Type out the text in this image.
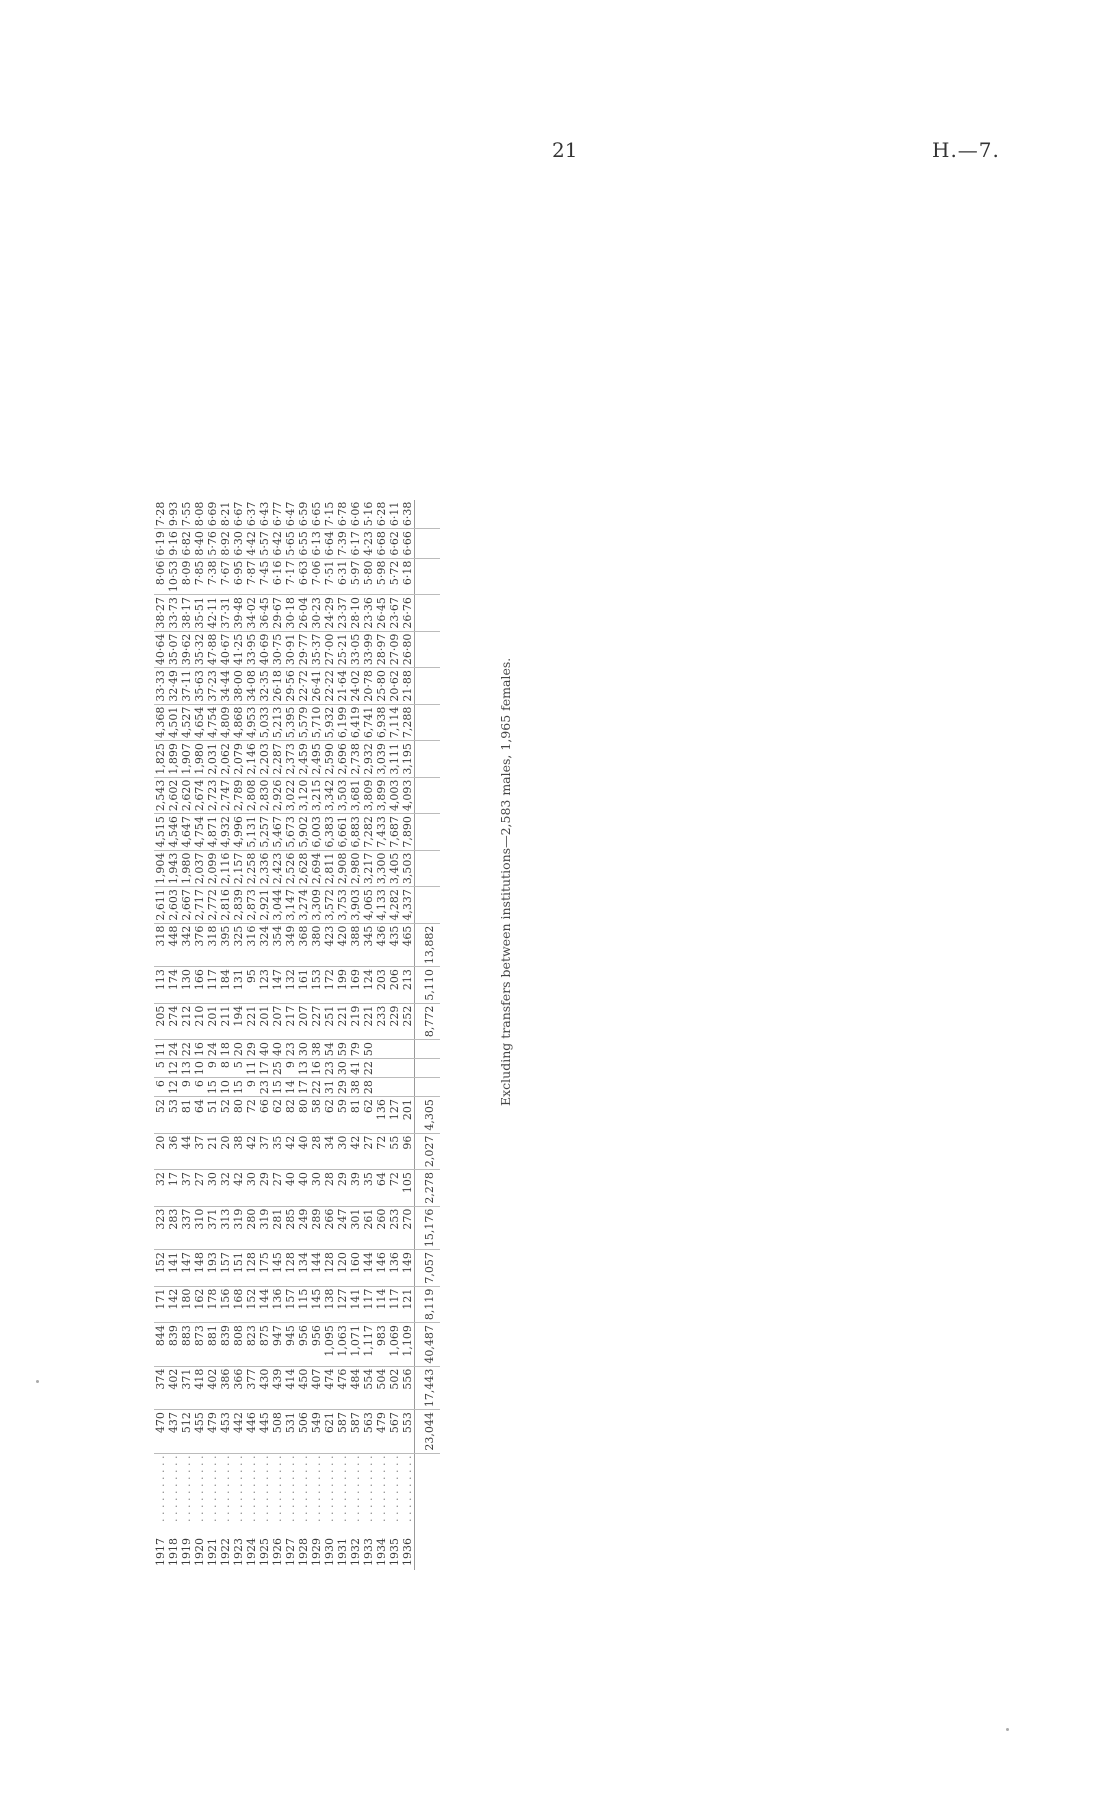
21	H.—7.
1917	. . . . . . . . . .	470	374	844	171	152	323	32	20	52	6	5	11	205	113	318	2,611	1,904	4,515	2,543	1,825	4,368	33·33	40·64	38·27	8·06	6·19	7·28
1918	. . . . . . . . . .	437	402	839	142	141	283	17	36	53	12	12	24	274	174	448	2,603	1,943	4,546	2,602	1,899	4,501	32·49	35·07	33·73	10·53	9·16	9·93
1919	. . . . . . . . . .	512	371	883	180	147	337	37	44	81	9	13	22	212	130	342	2,667	1,980	4,647	2,620	1,907	4,527	37·11	39·62	38·17	8·09	6·82	7·55
1920	. . . . . . . . . .	455	418	873	162	148	310	27	37	64	6	10	16	210	166	376	2,717	2,037	4,754	2,674	1,980	4,654	35·63	35·32	35·51	7·85	8·40	8·08
1921	. . . . . . . . . .	479	402	881	178	193	371	30	21	51	15	9	24	201	117	318	2,772	2,099	4,871	2,723	2,031	4,754	37·23	47·88	42·11	7·38	5·76	6·69
1922	. . . . . . . . . .	453	386	839	156	157	313	32	20	52	10	8	18	211	184	395	2,816	2,116	4,932	2,747	2,062	4,809	34·44	40·67	37·31	7·67	8·92	8·21
1923	. . . . . . . . . .	442	366	808	168	151	319	42	38	80	15	5	20	194	131	325	2,839	2,157	4,996	2,789	2,079	4,868	38·00	41·25	39·48	6·95	6·30	6·67
1924	. . . . . . . . . .	446	377	823	152	128	280	30	42	72	9	11	29	221	95	316	2,873	2,258	5,131	2,808	2,146	4,953	34·08	33·95	34·02	7·87	4·42	6·37
1925	. . . . . . . . . .	445	430	875	144	175	319	29	37	66	23	17	40	201	123	324	2,921	2,336	5,257	2,830	2,203	5,033	32·35	40·69	36·45	7·45	5·57	6·43
1926	. . . . . . . . . .	508	439	947	136	145	281	27	35	62	15	25	40	207	147	354	3,044	2,423	5,467	2,926	2,287	5,213	26·18	30·75	29·67	6·16	6·42	6·77
1927	. . . . . . . . . .	531	414	945	157	128	285	40	42	82	14	9	23	217	132	349	3,147	2,526	5,673	3,022	2,373	5,395	29·56	30·91	30·18	7·17	5·65	6·47
1928	. . . . . . . . . .	506	450	956	115	134	249	40	40	80	17	13	30	207	161	368	3,274	2,628	5,902	3,120	2,459	5,579	22·72	29·77	26·04	6·63	6·55	6·59
1929	. . . . . . . . . .	549	407	956	145	144	289	30	28	58	22	16	38	227	153	380	3,309	2,694	6,003	3,215	2,495	5,710	26·41	35·37	30·23	7·06	6·13	6·65
1930	. . . . . . . . . .	621	474	1,095	138	128	266	28	34	62	31	23	54	251	172	423	3,572	2,811	6,383	3,342	2,590	5,932	22·22	27·00	24·29	7·51	6·64	7·15
1931	. . . . . . . . . .	587	476	1,063	127	120	247	29	30	59	29	30	59	221	199	420	3,753	2,908	6,661	3,503	2,696	6,199	21·64	25·21	23·37	6·31	7·39	6·78
1932	. . . . . . . . . .	587	484	1,071	141	160	301	39	42	81	38	41	79	219	169	388	3,903	2,980	6,883	3,681	2,738	6,419	24·02	33·05	28·10	5·97	6·17	6·06
1933	. . . . . . . . . .	563	554	1,117	117	144	261	35	27	62	28	22	50	221	124	345	4,065	3,217	7,282	3,809	2,932	6,741	20·78	33·99	23·36	5·80	4·23	5·16
1934	. . . . . . . . . .	479	504	983	114	146	260	64	72	136				233	203	436	4,133	3,300	7,433	3,899	3,039	6,938	25·80	28·97	26·45	5·98	6·68	6·28
1935	. . . . . . . . . .	567	502	1,069	117	136	253	72	55	127				229	206	435	4,282	3,405	7,687	4,003	3,111	7,114	20·62	27·09	23·67	5·72	6·62	6·11
1936	. . . . . . . . . .	553	556	1,109	121	149	270	105	96	201				252	213	465	4,337	3,503	7,890	4,093	3,195	7,288	21·88	26·80	26·76	6·18	6·66	6·38
		23,044	17,443	40,487	8,119	7,057	15,176	2,278	2,027	4,305				8,772	5,110	13,882													Excluding transfers between institutions—2,583 males, 1,965 females.
